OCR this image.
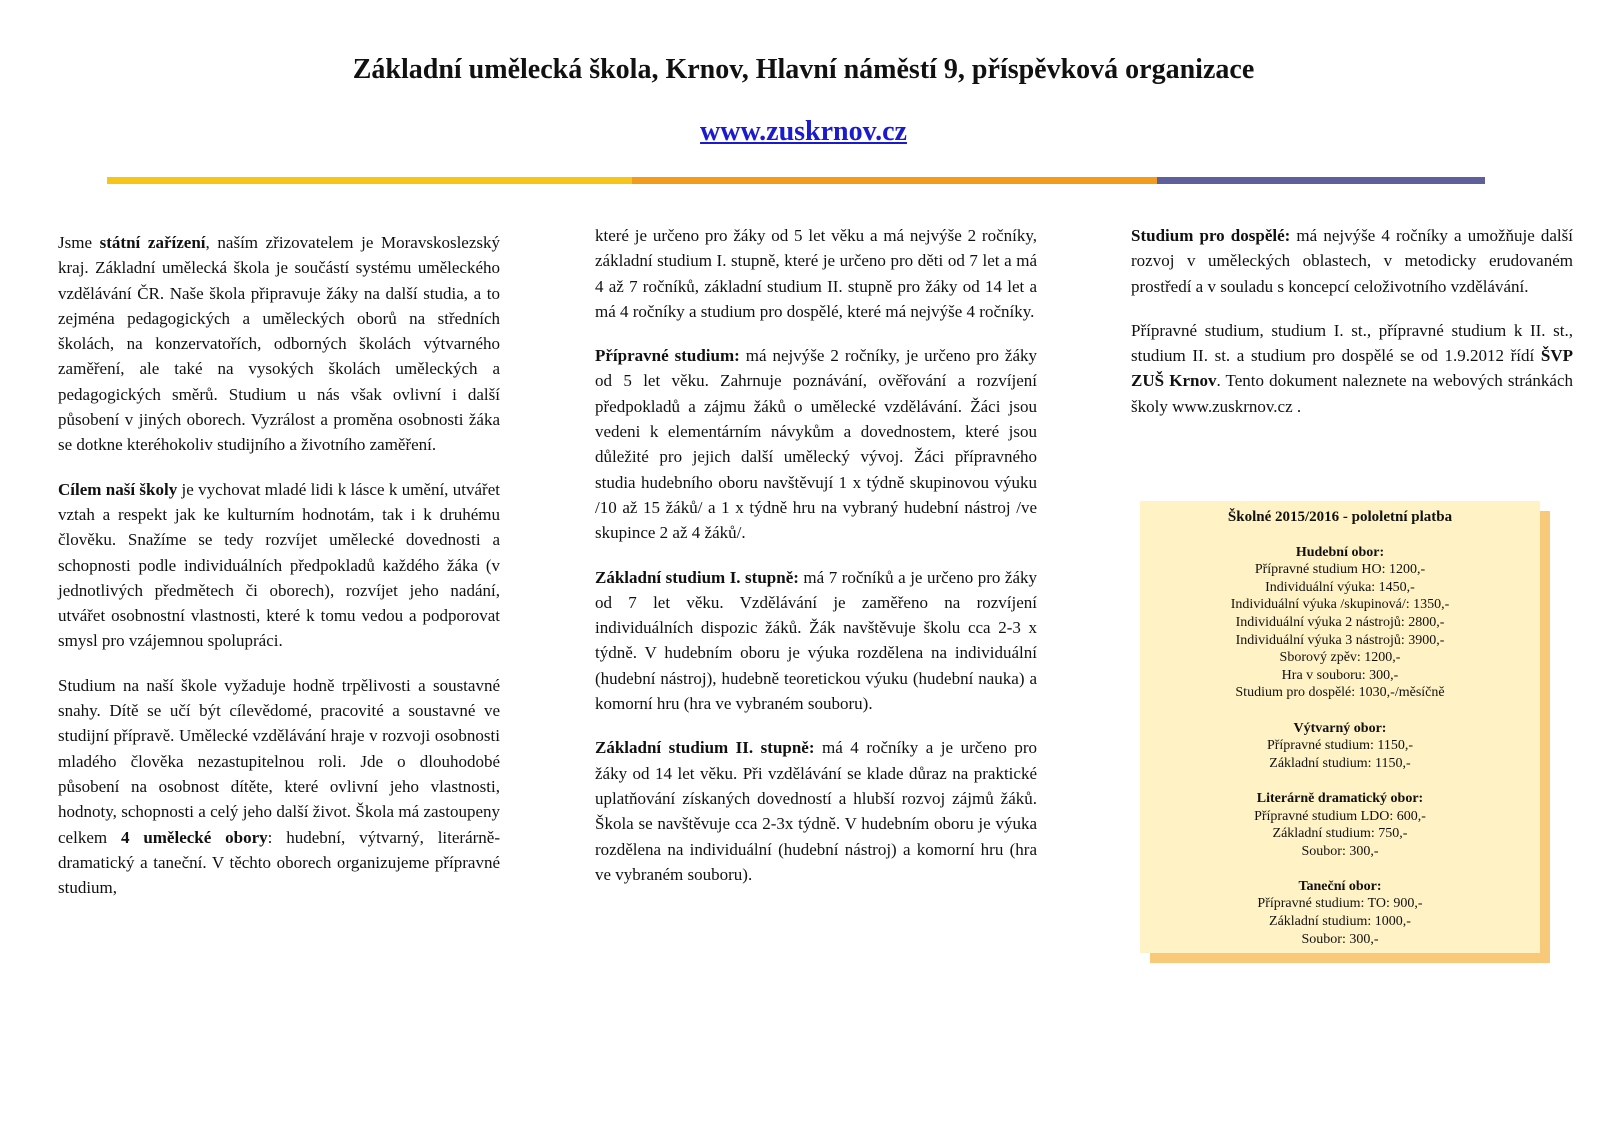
Základní umělecká škola, Krnov, Hlavní náměstí 9, příspěvková organizace
www.zuskrnov.cz

Jsme státní zařízení, naším zřizovatelem je Moravskoslezský kraj. Základní umělecká škola je součástí systému uměleckého vzdělávání ČR. Naše škola připravuje žáky na další studia, a to zejména pedagogických a uměleckých oborů na středních školách, na konzervatořích, odborných školách výtvarného zaměření, ale také na vysokých školách uměleckých a pedagogických směrů. Studium u nás však ovlivní i další působení v jiných oborech. Vyzrálost a proměna osobnosti žáka se dotkne kteréhokoliv studijního a životního zaměření.

Cílem naší školy je vychovat mladé lidi k lásce k umění, utvářet vztah a respekt jak ke kulturním hodnotám, tak i k druhému člověku. Snažíme se tedy rozvíjet umělecké dovednosti a schopnosti podle individuálních předpokladů každého žáka (v jednotlivých předmětech či oborech), rozvíjet jeho nadání, utvářet osobnostní vlastnosti, které k tomu vedou a podporovat smysl pro vzájemnou spolupráci.

Studium na naší škole vyžaduje hodně trpělivosti a soustavné snahy. Dítě se učí být cílevědomé, pracovité a soustavné ve studijní přípravě. Umělecké vzdělávání hraje v rozvoji osobnosti mladého člověka nezastupitelnou roli. Jde o dlouhodobé působení na osobnost dítěte, které ovlivní jeho vlastnosti, hodnoty, schopnosti a celý jeho další život. Škola má zastoupeny celkem 4 umělecké obory: hudební, výtvarný, literárně-dramatický a taneční. V těchto oborech organizujeme přípravné studium,

které je určeno pro žáky od 5 let věku a má nejvýše 2 ročníky, základní studium I. stupně, které je určeno pro děti od 7 let a má 4 až 7 ročníků, základní studium II. stupně pro žáky od 14 let a má 4 ročníky a studium pro dospělé, které má nejvýše 4 ročníky.

Přípravné studium: má nejvýše 2 ročníky, je určeno pro žáky od 5 let věku. Zahrnuje poznávání, ověřování a rozvíjení předpokladů a zájmu žáků o umělecké vzdělávání. Žáci jsou vedeni k elementárním návykům a dovednostem, které jsou důležité pro jejich další umělecký vývoj. Žáci přípravného studia hudebního oboru navštěvují 1 x týdně skupinovou výuku /10 až 15 žáků/ a 1 x týdně hru na vybraný hudební nástroj /ve skupince 2 až 4 žáků/.

Základní studium I. stupně: má 7 ročníků a je určeno pro žáky od 7 let věku. Vzdělávání je zaměřeno na rozvíjení individuálních dispozic žáků. Žák navštěvuje školu cca 2-3 x týdně. V hudebním oboru je výuka rozdělena na individuální (hudební nástroj), hudebně teoretickou výuku (hudební nauka) a komorní hru (hra ve vybraném souboru).

Základní studium II. stupně: má 4 ročníky a je určeno pro žáky od 14 let věku. Při vzdělávání se klade důraz na praktické uplatňování získaných dovedností a hlubší rozvoj zájmů žáků. Škola se navštěvuje cca 2-3x týdně. V hudebním oboru je výuka rozdělena na individuální (hudební nástroj) a komorní hru (hra ve vybraném souboru).

Studium pro dospělé: má nejvýše 4 ročníky a umožňuje další rozvoj v uměleckých oblastech, v metodicky erudovaném prostředí a v souladu s koncepcí celoživotního vzdělávání.

Přípravné studium, studium I. st., přípravné studium k II. st., studium II. st. a studium pro dospělé se od 1.9.2012 řídí ŠVP ZUŠ Krnov. Tento dokument naleznete na webových stránkách školy www.zuskrnov.cz .

Školné 2015/2016 - pololetní platba
Hudební obor:
Přípravné studium HO: 1200,-
Individuální výuka: 1450,-
Individuální výuka /skupinová/: 1350,-
Individuální výuka 2 nástrojů: 2800,-
Individuální výuka 3 nástrojů: 3900,-
Sborový zpěv: 1200,-
Hra v souboru: 300,-
Studium pro dospělé: 1030,-/měsíčně
Výtvarný obor:
Přípravné studium: 1150,-
Základní studium: 1150,-
Literárně dramatický obor:
Přípravné studium LDO: 600,-
Základní studium: 750,-
Soubor: 300,-
Taneční obor:
Přípravné studium: TO: 900,-
Základní studium: 1000,-
Soubor: 300,-
